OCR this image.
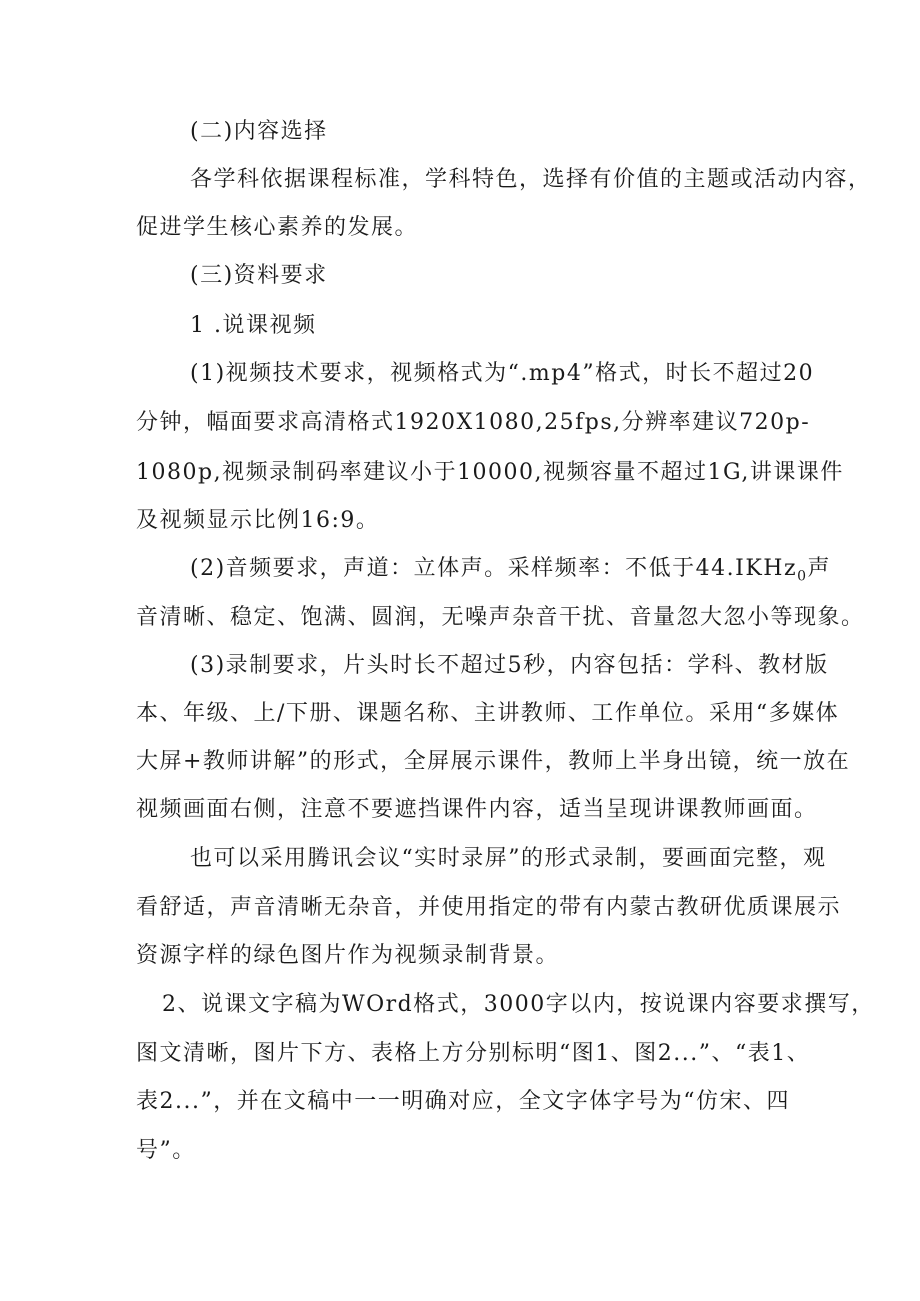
(二)内容选择

各学科依据课程标准，学科特色，选择有价值的主题或活动内容，

促进学生核心素养的发展。

(三)资料要求

1 .说课视频

(1)视频技术要求，视频格式为“.mp4”格式，时长不超过20

分钟，幅面要求高清格式1920X1080,25fps,分辨率建议720p-

1080p,视频录制码率建议小于10000,视频容量不超过1G,讲课课件

及视频显示比例16:9。

(2)音频要求，声道：立体声。采样频率：不低于44.IKHz$_0$声

音清晰、稳定、饱满、圆润，无噪声杂音干扰、音量忽大忽小等现象。

(3)录制要求，片头时长不超过5秒，内容包括：学科、教材版

本、年级、上/下册、课题名称、主讲教师、工作单位。采用“多媒体

大屏+教师讲解”的形式，全屏展示课件，教师上半身出镜，统一放在

视频画面右侧，注意不要遮挡课件内容，适当呈现讲课教师画面。

也可以采用腾讯会议“实时录屏”的形式录制，要画面完整，观

看舒适，声音清晰无杂音，并使用指定的带有内蒙古教研优质课展示

资源字样的绿色图片作为视频录制背景。

2、说课文字稿为WOrd格式，3000字以内，按说课内容要求撰写，

图文清晰，图片下方、表格上方分别标明“图1、图2...”、“表1、

表2...”，并在文稿中一一明确对应，全文字体字号为“仿宋、四

号”。
